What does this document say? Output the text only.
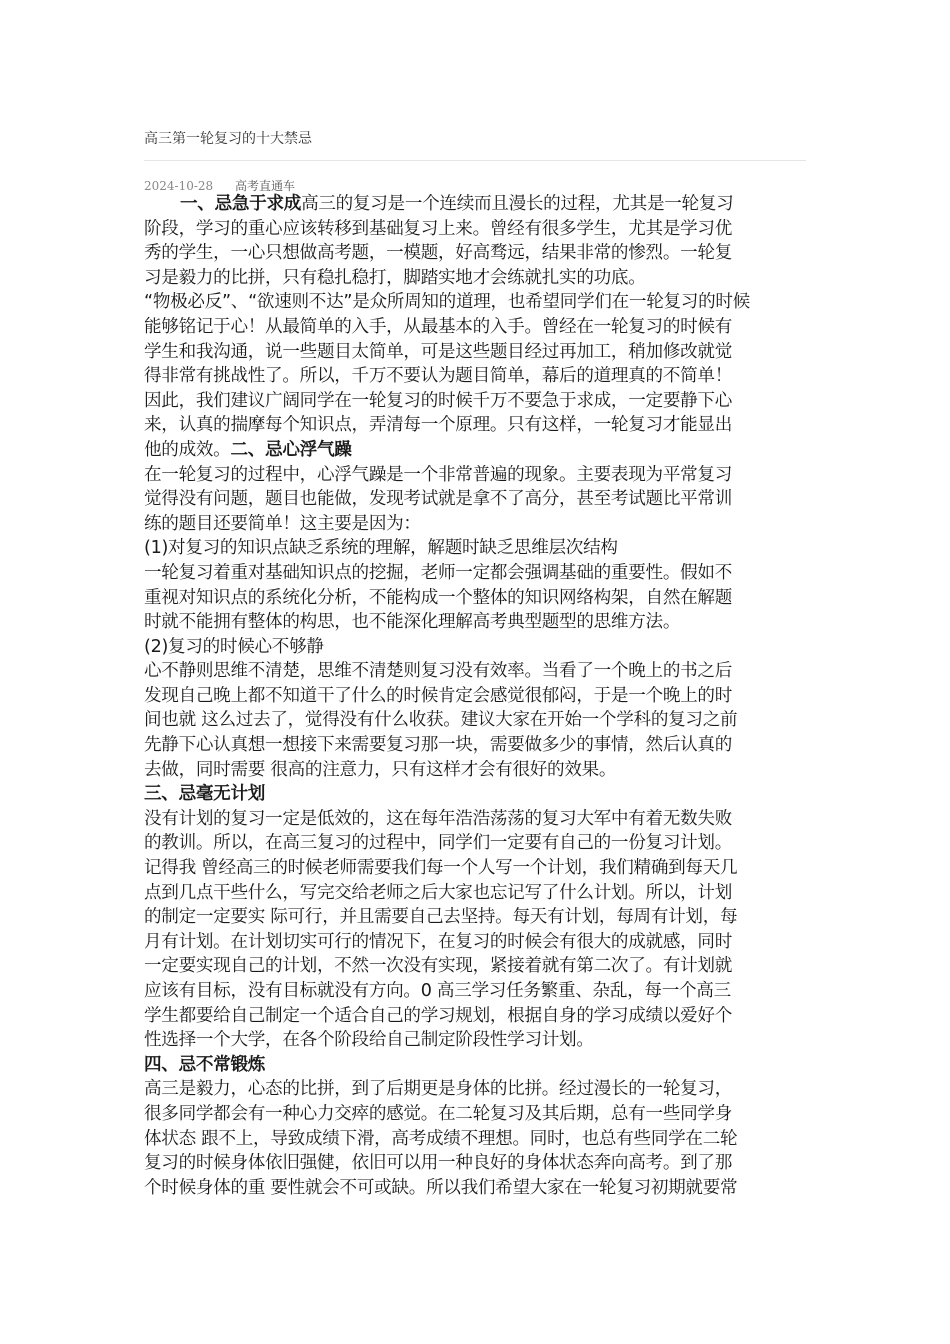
高三第一轮复习的十大禁忌
2024-10-28 高考直通车
一、忌急于求成高三的复习是一个连续而且漫长的过程，尤其是一轮复习
阶段，学习的重心应该转移到基础复习上来。曾经有很多学生，尤其是学习优
秀的学生，一心只想做高考题，一模题，好高骛远，结果非常的惨烈。一轮复
习是毅力的比拼，只有稳扎稳打，脚踏实地才会练就扎实的功底。
“物极必反”、“欲速则不达”是众所周知的道理，也希望同学们在一轮复习的时候
能够铭记于心！从最简单的入手，从最基本的入手。曾经在一轮复习的时候有
学生和我沟通，说一些题目太简单，可是这些题目经过再加工，稍加修改就觉
得非常有挑战性了。所以，千万不要认为题目简单，幕后的道理真的不简单！
因此，我们建议广阔同学在一轮复习的时候千万不要急于求成，一定要静下心
来，认真的揣摩每个知识点，弄清每一个原理。只有这样，一轮复习才能显出
他的成效。二、忌心浮气躁
在一轮复习的过程中，心浮气躁是一个非常普遍的现象。主要表现为平常复习
觉得没有问题，题目也能做，发现考试就是拿不了高分，甚至考试题比平常训
练的题目还要简单！这主要是因为：
(1)对复习的知识点缺乏系统的理解，解题时缺乏思维层次结构
一轮复习着重对基础知识点的挖掘，老师一定都会强调基础的重要性。假如不
重视对知识点的系统化分析，不能构成一个整体的知识网络构架，自然在解题
时就不能拥有整体的构思，也不能深化理解高考典型题型的思维方法。
(2)复习的时候心不够静
心不静则思维不清楚，思维不清楚则复习没有效率。当看了一个晚上的书之后
发现自己晚上都不知道干了什么的时候肯定会感觉很郁闷，于是一个晚上的时
间也就 这么过去了，觉得没有什么收获。建议大家在开始一个学科的复习之前
先静下心认真想一想接下来需要复习那一块，需要做多少的事情，然后认真的
去做，同时需要 很高的注意力，只有这样才会有很好的效果。
三、忌毫无计划
没有计划的复习一定是低效的，这在每年浩浩荡荡的复习大军中有着无数失败
的教训。所以，在高三复习的过程中，同学们一定要有自己的一份复习计划。
记得我 曾经高三的时候老师需要我们每一个人写一个计划，我们精确到每天几
点到几点干些什么，写完交给老师之后大家也忘记写了什么计划。所以，计划
的制定一定要实 际可行，并且需要自己去坚持。每天有计划，每周有计划，每
月有计划。在计划切实可行的情况下，在复习的时候会有很大的成就感，同时
一定要实现自己的计划，不然一次没有实现，紧接着就有第二次了。有计划就
应该有目标，没有目标就没有方向。0 高三学习任务繁重、杂乱，每一个高三
学生都要给自己制定一个适合自己的学习规划，根据自身的学习成绩以爱好个
性选择一个大学，在各个阶段给自己制定阶段性学习计划。
四、忌不常锻炼
高三是毅力，心态的比拼，到了后期更是身体的比拼。经过漫长的一轮复习，
很多同学都会有一种心力交瘁的感觉。在二轮复习及其后期，总有一些同学身
体状态 跟不上，导致成绩下滑，高考成绩不理想。同时，也总有些同学在二轮
复习的时候身体依旧强健，依旧可以用一种良好的身体状态奔向高考。到了那
个时候身体的重 要性就会不可或缺。所以我们希望大家在一轮复习初期就要常
